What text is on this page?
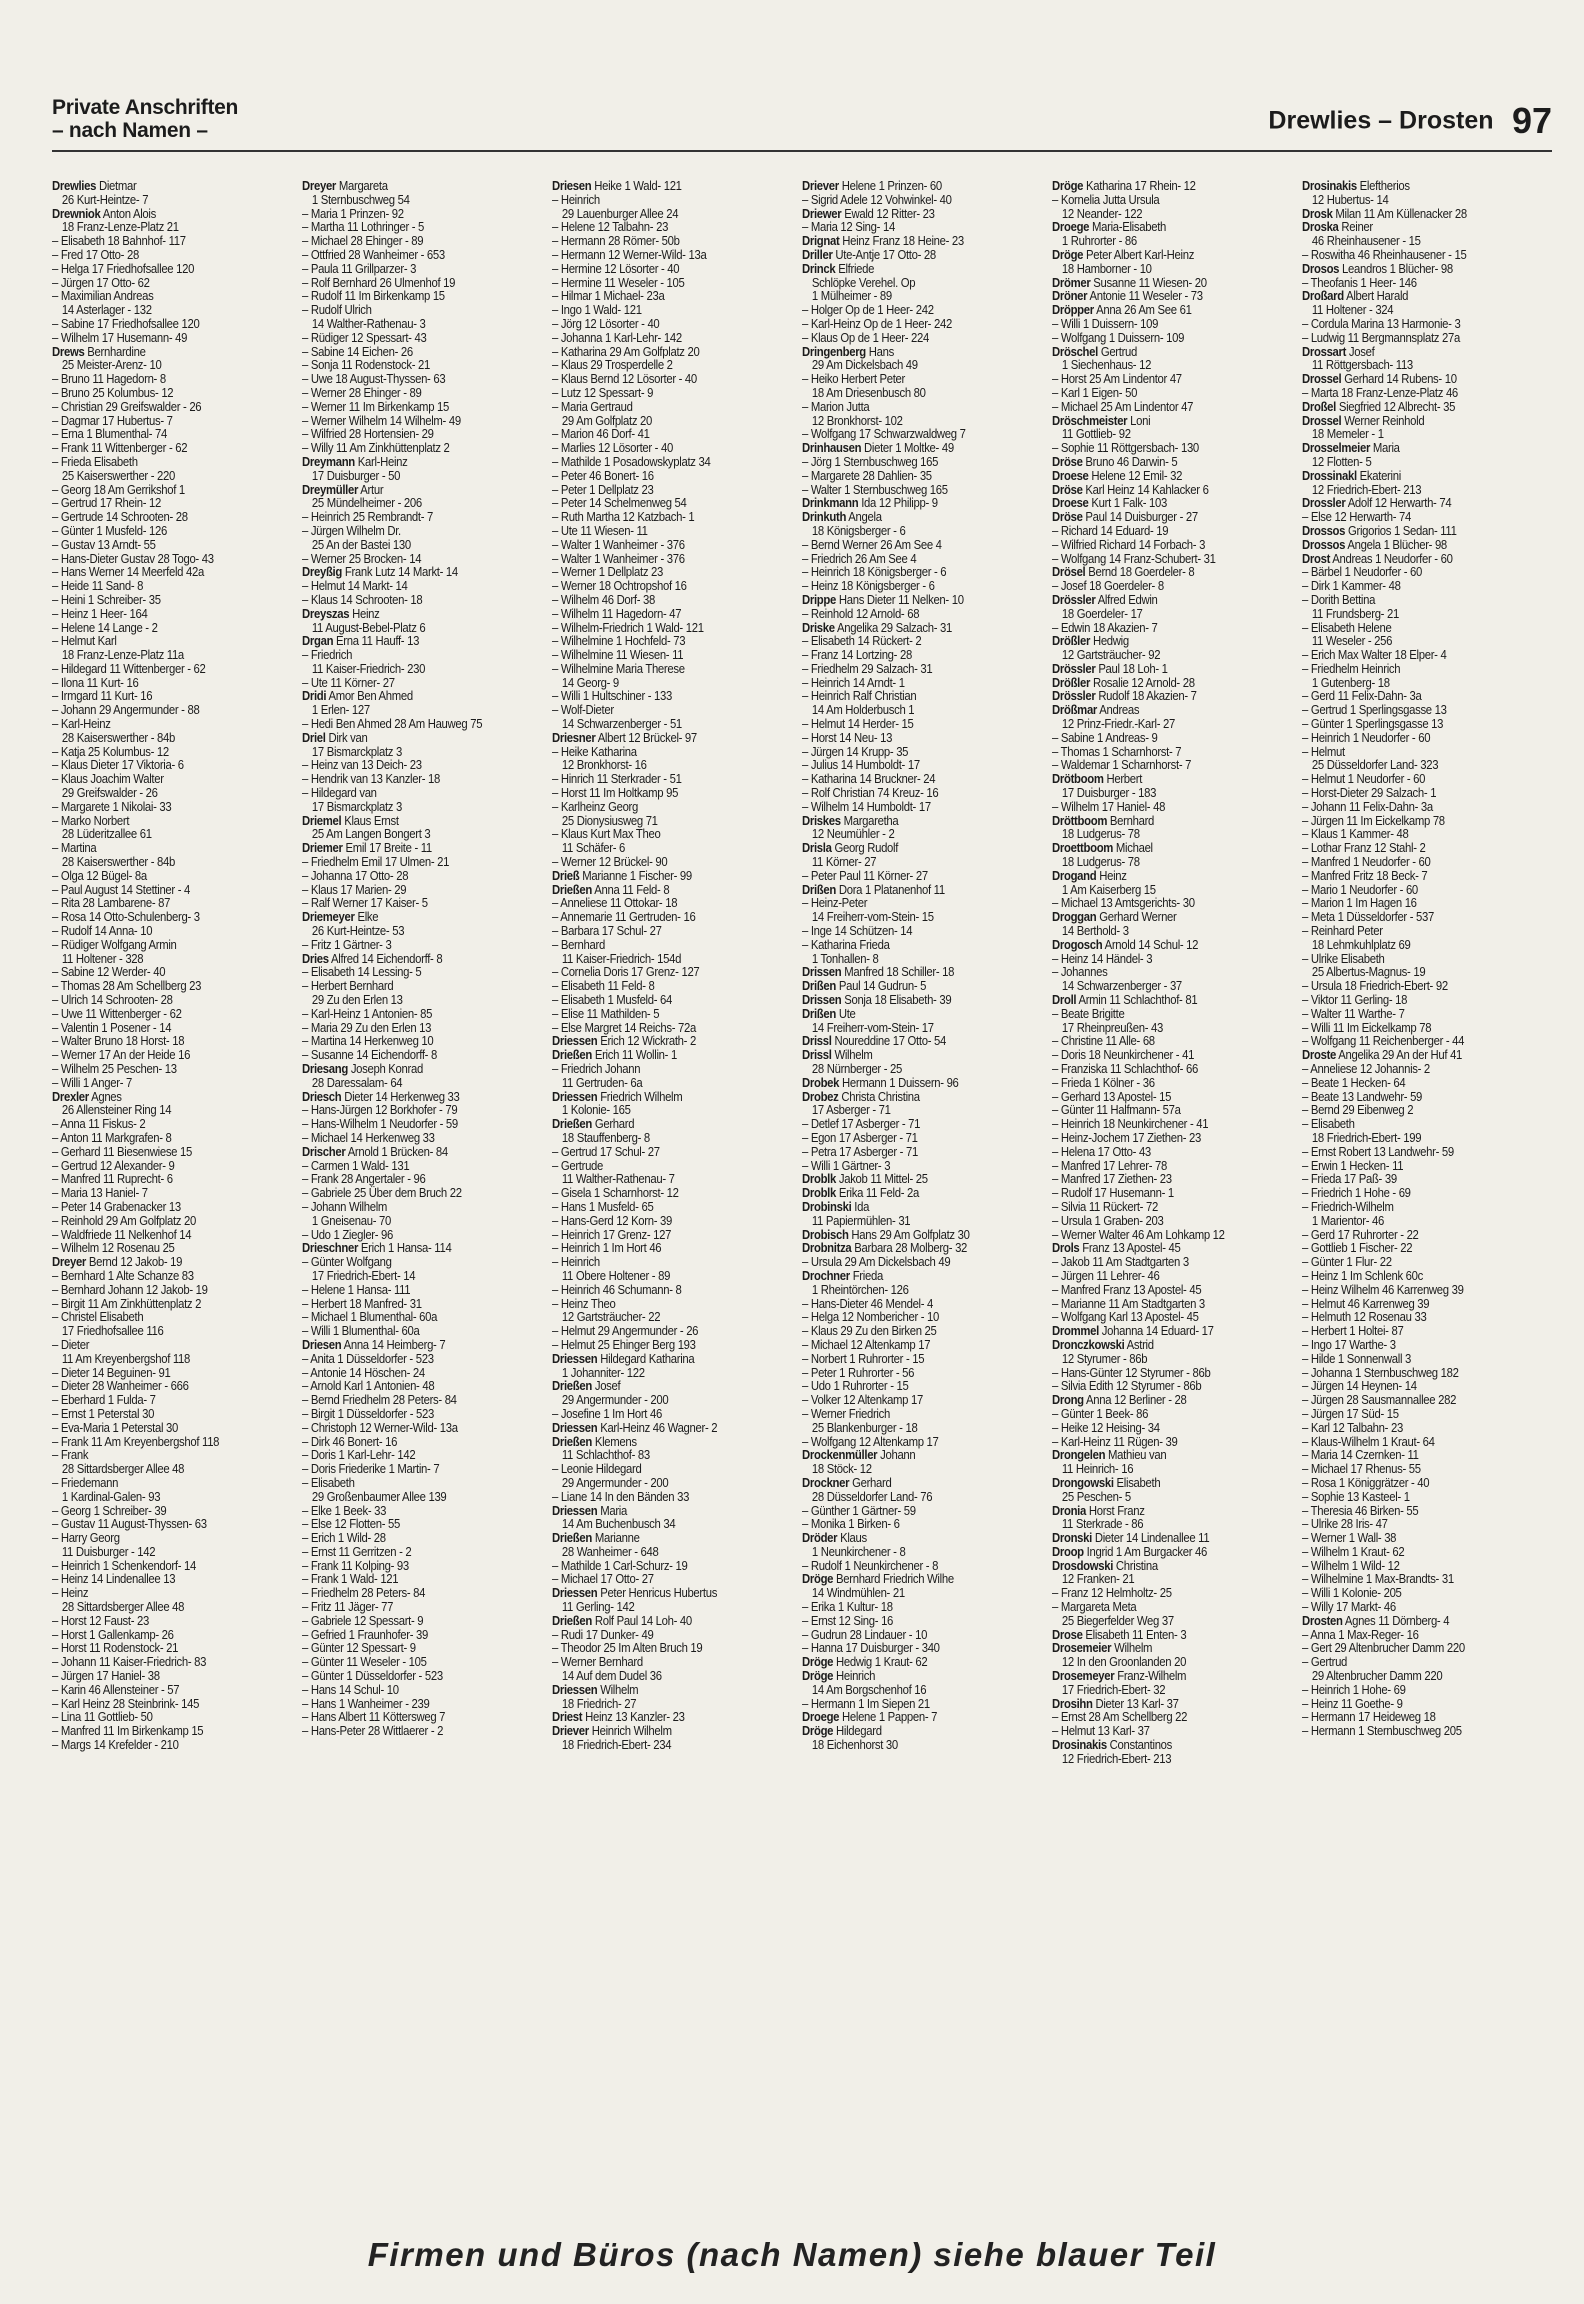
Private Anschriften
– nach Namen –	Drewlies – Drosten 97
Drewlies Dietmar
26 Kurt-Heintze- 7
Drewniok Anton Alois
18 Franz-Lenze-Platz 21
– Elisabeth 18 Bahnhof- 117
– Fred 17 Otto- 28
– Helga 17 Friedhofsallee 120
– Jürgen 17 Otto- 62
– Maximilian Andreas
14 Asterlager - 132
– Sabine 17 Friedhofsallee 120
– Wilhelm 17 Husemann- 49
Drews Bernhardine
25 Meister-Arenz- 10
– Bruno 11 Hagedorn- 8
– Bruno 25 Kolumbus- 12
– Christian 29 Greifswalder - 26
– Dagmar 17 Hubertus- 7
– Erna 1 Blumenthal- 74
– Frank 11 Wittenberger - 62
– Frieda Elisabeth
25 Kaiserswerther - 220
– Georg 18 Am Gerrikshof 1
– Gertrud 17 Rhein- 12
– Gertrude 14 Schrooten- 28
– Günter 1 Musfeld- 126
– Gustav 13 Arndt- 55
– Hans-Dieter Gustav 28 Togo- 43
– Hans Werner 14 Meerfeld 42a
– Heide 11 Sand- 8
– Heini 1 Schreiber- 35
– Heinz 1 Heer- 164
– Helene 14 Lange - 2
– Helmut Karl
18 Franz-Lenze-Platz 11a
– Hildegard 11 Wittenberger - 62
– Ilona 11 Kurt- 16
– Irmgard 11 Kurt- 16
– Johann 29 Angermunder - 88
– Karl-Heinz
28 Kaiserswerther - 84b
– Katja 25 Kolumbus- 12
– Klaus Dieter 17 Viktoria- 6
– Klaus Joachim Walter
29 Greifswalder - 26
– Margarete 1 Nikolai- 33
– Marko Norbert
28 Lüderitzallee 61
– Martina
28 Kaiserswerther - 84b
– Olga 12 Bügel- 8a
– Paul August 14 Stettiner - 4
– Rita 28 Lambarene- 87
– Rosa 14 Otto-Schulenberg- 3
– Rudolf 14 Anna- 10
– Rüdiger Wolfgang Armin
11 Holtener - 328
– Sabine 12 Werder- 40
– Thomas 28 Am Schellberg 23
– Ulrich 14 Schrooten- 28
– Uwe 11 Wittenberger - 62
– Valentin 1 Posener - 14
– Walter Bruno 18 Horst- 18
– Werner 17 An der Heide 16
– Wilhelm 25 Peschen- 13
– Willi 1 Anger- 7
Drexler Agnes
26 Allensteiner Ring 14
– Anna 11 Fiskus- 2
– Anton 11 Markgrafen- 8
– Gerhard 11 Biesenwiese 15
– Gertrud 12 Alexander- 9
– Manfred 11 Ruprecht- 6
– Maria 13 Haniel- 7
– Peter 14 Grabenacker 13
– Reinhold 29 Am Golfplatz 20
– Waldfriede 11 Nelkenhof 14
– Wilhelm 12 Rosenau 25
Dreyer Bernd 12 Jakob- 19
– Bernhard 1 Alte Schanze 83
– Bernhard Johann 12 Jakob- 19
– Birgit 11 Am Zinkhüttenplatz 2
– Christel Elisabeth
17 Friedhofsallee 116
– Dieter
11 Am Kreyenbergshof 118
– Dieter 14 Beguinen- 91
– Dieter 28 Wanheimer - 666
– Eberhard 1 Fulda- 7
– Ernst 1 Peterstal 30
– Eva-Maria 1 Peterstal 30
– Frank 11 Am Kreyenbergshof 118
– Frank
28 Sittardsberger Allee 48
– Friedemann
1 Kardinal-Galen- 93
– Georg 1 Schreiber- 39
– Gustav 11 August-Thyssen- 63
– Harry Georg
11 Duisburger - 142
– Heinrich 1 Schenkendorf- 14
– Heinz 14 Lindenallee 13
– Heinz
28 Sittardsberger Allee 48
– Horst 12 Faust- 23
– Horst 1 Gallenkamp- 26
– Horst 11 Rodenstock- 21
– Johann 11 Kaiser-Friedrich- 83
– Jürgen 17 Haniel- 38
– Karin 46 Allensteiner - 57
– Karl Heinz 28 Steinbrink- 145
– Lina 11 Gottlieb- 50
– Manfred 11 Im Birkenkamp 15
– Margs 14 Krefelder - 210
Dreyer Margareta
1 Sternbuschweg 54
– Maria 1 Prinzen- 92
– Martha 11 Lothringer - 5
– Michael 28 Ehinger - 89
– Ottfried 28 Wanheimer - 653
– Paula 11 Grillparzer- 3
– Rolf Bernhard 26 Ulmenhof 19
– Rudolf 11 Im Birkenkamp 15
– Rudolf Ulrich
14 Walther-Rathenau- 3
– Rüdiger 12 Spessart- 43
– Sabine 14 Eichen- 26
– Sonja 11 Rodenstock- 21
– Uwe 18 August-Thyssen- 63
– Werner 28 Ehinger - 89
– Werner 11 Im Birkenkamp 15
– Werner Wilhelm 14 Wilhelm- 49
– Wilfried 28 Hortensien- 29
– Willy 11 Am Zinkhüttenplatz 2
Dreymann Karl-Heinz
17 Duisburger - 50
Dreymüller Artur
25 Mündelheimer - 206
– Heinrich 25 Rembrandt- 7
– Jürgen Wilhelm Dr.
25 An der Bastei 130
– Werner 25 Brocken- 14
Dreyßig Frank Lutz 14 Markt- 14
– Helmut 14 Markt- 14
– Klaus 14 Schrooten- 18
Dreyszas Heinz
11 August-Bebel-Platz 6
Drgan Erna 11 Hauff- 13
– Friedrich
11 Kaiser-Friedrich- 230
– Ute 11 Körner- 27
Dridi Amor Ben Ahmed
1 Erlen- 127
– Hedi Ben Ahmed 28 Am Hauweg 75
Driel Dirk van
17 Bismarckplatz 3
– Heinz van 13 Deich- 23
– Hendrik van 13 Kanzler- 18
– Hildegard van
17 Bismarckplatz 3
Driemel Klaus Ernst
25 Am Langen Bongert 3
Driemer Emil 17 Breite - 11
– Friedhelm Emil 17 Ulmen- 21
– Johanna 17 Otto- 28
– Klaus 17 Marien- 29
– Ralf Werner 17 Kaiser- 5
Driemeyer Elke
26 Kurt-Heintze- 53
– Fritz 1 Gärtner- 3
Dries Alfred 14 Eichendorff- 8
– Elisabeth 14 Lessing- 5
– Herbert Bernhard
29 Zu den Erlen 13
– Karl-Heinz 1 Antonien- 85
– Maria 29 Zu den Erlen 13
– Martina 14 Herkenweg 10
– Susanne 14 Eichendorff- 8
Driesang Joseph Konrad
28 Daressalam- 64
Driesch Dieter 14 Herkenweg 33
– Hans-Jürgen 12 Borkhofer - 79
– Hans-Wilhelm 1 Neudorfer - 59
– Michael 14 Herkenweg 33
Drischer Arnold 1 Brücken- 84
– Carmen 1 Wald- 131
– Frank 28 Angertaler - 96
– Gabriele 25 Über dem Bruch 22
– Johann Wilhelm
1 Gneisenau- 70
– Udo 1 Ziegler- 96
Drieschner Erich 1 Hansa- 114
– Günter Wolfgang
17 Friedrich-Ebert- 14
– Helene 1 Hansa- 111
– Herbert 18 Manfred- 31
– Michael 1 Blumenthal- 60a
– Willi 1 Blumenthal- 60a
Driesen Anna 14 Heimberg- 7
– Anita 1 Düsseldorfer - 523
– Antonie 14 Höschen- 24
– Arnold Karl 1 Antonien- 48
– Bernd Friedhelm 28 Peters- 84
– Birgit 1 Düsseldorfer - 523
– Christoph 12 Werner-Wild- 13a
– Dirk 46 Bonert- 16
– Doris 1 Karl-Lehr- 142
– Doris Friederike 1 Martin- 7
– Elisabeth
29 Großenbaumer Allee 139
– Elke 1 Beek- 33
– Else 12 Flotten- 55
– Erich 1 Wild- 28
– Ernst 11 Gerritzen - 2
– Frank 11 Kolping- 93
– Frank 1 Wald- 121
– Friedhelm 28 Peters- 84
– Fritz 11 Jäger- 77
– Gabriele 12 Spessart- 9
– Gefried 1 Fraunhofer- 39
– Günter 12 Spessart- 9
– Günter 11 Weseler - 105
– Günter 1 Düsseldorfer - 523
– Hans 14 Schul- 10
– Hans 1 Wanheimer - 239
– Hans Albert 11 Köttersweg 7
– Hans-Peter 28 Wittlaerer - 2
Driesen Heike 1 Wald- 121
– Heinrich
29 Lauenburger Allee 24
– Helene 12 Talbahn- 23
– Hermann 28 Römer- 50b
– Hermann 12 Werner-Wild- 13a
– Hermine 12 Lösorter - 40
– Hermine 11 Weseler - 105
– Hilmar 1 Michael- 23a
– Ingo 1 Wald- 121
– Jörg 12 Lösorter - 40
– Johanna 1 Karl-Lehr- 142
– Katharina 29 Am Golfplatz 20
– Klaus 29 Trosperdelle 2
– Klaus Bernd 12 Lösorter - 40
– Lutz 12 Spessart- 9
– Maria Gertraud
29 Am Golfplatz 20
– Marion 46 Dorf- 41
– Marlies 12 Lösorter - 40
– Mathilde 1 Posadowskyplatz 34
– Peter 46 Bonert- 16
– Peter 1 Dellplatz 23
– Peter 14 Schelmenweg 54
– Ruth Martha 12 Katzbach- 1
– Ute 11 Wiesen- 11
– Walter 1 Wanheimer - 376
– Walter 1 Wanheimer - 376
– Werner 1 Dellplatz 23
– Werner 18 Ochtropshof 16
– Wilhelm 46 Dorf- 38
– Wilhelm 11 Hagedorn- 47
– Wilhelm-Friedrich 1 Wald- 121
– Wilhelmine 1 Hochfeld- 73
– Wilhelmine 11 Wiesen- 11
– Wilhelmine Maria Therese
14 Georg- 9
– Willi 1 Hultschiner - 133
– Wolf-Dieter
14 Schwarzenberger - 51
Driesner Albert 12 Brückel- 97
– Heike Katharina
12 Bronkhorst- 16
– Hinrich 11 Sterkrader - 51
– Horst 11 Im Holtkamp 95
– Karlheinz Georg
25 Dionysiusweg 71
– Klaus Kurt Max Theo
11 Schäfer- 6
– Werner 12 Brückel- 90
Drieß Marianne 1 Fischer- 99
Drießen Anna 11 Feld- 8
– Anneliese 11 Ottokar- 18
– Annemarie 11 Gertruden- 16
– Barbara 17 Schul- 27
– Bernhard
11 Kaiser-Friedrich- 154d
– Cornelia Doris 17 Grenz- 127
– Elisabeth 11 Feld- 8
– Elisabeth 1 Musfeld- 64
– Elise 11 Mathilden- 5
– Else Margret 14 Reichs- 72a
Driessen Erich 12 Wickrath- 2
Drießen Erich 11 Wollin- 1
– Friedrich Johann
11 Gertruden- 6a
Driessen Friedrich Wilhelm
1 Kolonie- 165
Drießen Gerhard
18 Stauffenberg- 8
– Gertrud 17 Schul- 27
– Gertrude
11 Walther-Rathenau- 7
– Gisela 1 Scharnhorst- 12
– Hans 1 Musfeld- 65
– Hans-Gerd 12 Korn- 39
– Heinrich 17 Grenz- 127
– Heinrich 1 Im Hort 46
– Heinrich
11 Obere Holtener - 89
– Heinrich 46 Schumann- 8
– Heinz Theo
12 Gartsträucher- 22
– Helmut 29 Angermunder - 26
– Helmut 25 Ehinger Berg 193
Driessen Hildegard Katharina
1 Johanniter- 122
Drießen Josef
29 Angermunder - 200
– Josefine 1 Im Hort 46
Driessen Karl-Heinz 46 Wagner- 2
Drießen Klemens
11 Schlachthof- 83
– Leonie Hildegard
29 Angermunder - 200
– Liane 14 In den Bänden 33
Driessen Maria
14 Am Buchenbusch 34
Drießen Marianne
28 Wanheimer - 648
– Mathilde 1 Carl-Schurz- 19
– Michael 17 Otto- 27
Driessen Peter Henricus Hubertus
11 Gerling- 142
Drießen Rolf Paul 14 Loh- 40
– Rudi 17 Dunker- 49
– Theodor 25 Im Alten Bruch 19
– Werner Bernhard
14 Auf dem Dudel 36
Driessen Wilhelm
18 Friedrich- 27
Driest Heinz 13 Kanzler- 23
Driever Heinrich Wilhelm
18 Friedrich-Ebert- 234
Driever Helene 1 Prinzen- 60
– Sigrid Adele 12 Vohwinkel- 40
Driewer Ewald 12 Ritter- 23
– Maria 12 Sing- 14
Drignat Heinz Franz 18 Heine- 23
Driller Ute-Antje 17 Otto- 28
Drinck Elfriede
Schlöpke Verehel. Op
1 Mülheimer - 89
– Holger Op de 1 Heer- 242
– Karl-Heinz Op de 1 Heer- 242
– Klaus Op de 1 Heer- 224
Dringenberg Hans
29 Am Dickelsbach 49
– Heiko Herbert Peter
18 Am Driesenbusch 80
– Marion Jutta
12 Bronkhorst- 102
– Wolfgang 17 Schwarzwaldweg 7
Drinhausen Dieter 1 Moltke- 49
– Jörg 1 Sternbuschweg 165
– Margarete 28 Dahlien- 35
– Walter 1 Sternbuschweg 165
Drinkmann Ida 12 Philipp- 9
Drinkuth Angela
18 Königsberger - 6
– Bernd Werner 26 Am See 4
– Friedrich 26 Am See 4
– Heinrich 18 Königsberger - 6
– Heinz 18 Königsberger - 6
Drippe Hans Dieter 11 Nelken- 10
– Reinhold 12 Arnold- 68
Driske Angelika 29 Salzach- 31
– Elisabeth 14 Rückert- 2
– Franz 14 Lortzing- 28
– Friedhelm 29 Salzach- 31
– Heinrich 14 Arndt- 1
– Heinrich Ralf Christian
14 Am Holderbusch 1
– Helmut 14 Herder- 15
– Horst 14 Neu- 13
– Jürgen 14 Krupp- 35
– Julius 14 Humboldt- 17
– Katharina 14 Bruckner- 24
– Rolf Christian 74 Kreuz- 16
– Wilhelm 14 Humboldt- 17
Driskes Margaretha
12 Neumühler - 2
Drisla Georg Rudolf
11 Körner- 27
– Peter Paul 11 Körner- 27
Drißen Dora 1 Platanenhof 11
– Heinz-Peter
14 Freiherr-vom-Stein- 15
– Inge 14 Schützen- 14
– Katharina Frieda
1 Tonhallen- 8
Drissen Manfred 18 Schiller- 18
Drißen Paul 14 Gudrun- 5
Drissen Sonja 18 Elisabeth- 39
Drißen Ute
14 Freiherr-vom-Stein- 17
Drissl Noureddine 17 Otto- 54
Drissl Wilhelm
28 Nürnberger - 25
Drobek Hermann 1 Duissern- 96
Drobez Christa Christina
17 Asberger - 71
– Detlef 17 Asberger - 71
– Egon 17 Asberger - 71
– Petra 17 Asberger - 71
– Willi 1 Gärtner- 3
Droblk Jakob 11 Mittel- 25
Droblk Erika 11 Feld- 2a
Drobinski Ida
11 Papiermühlen- 31
Drobisch Hans 29 Am Golfplatz 30
Drobnitza Barbara 28 Molberg- 32
– Ursula 29 Am Dickelsbach 49
Drochner Frieda
1 Rheintörchen- 126
– Hans-Dieter 46 Mendel- 4
– Helga 12 Nombericher - 10
– Klaus 29 Zu den Birken 25
– Michael 12 Altenkamp 17
– Norbert 1 Ruhrorter - 15
– Peter 1 Ruhrorter - 56
– Udo 1 Ruhrorter - 15
– Volker 12 Altenkamp 17
– Werner Friedrich
25 Blankenburger - 18
– Wolfgang 12 Altenkamp 17
Drockenmüller Johann
18 Stöck- 12
Drockner Gerhard
28 Düsseldorfer Land- 76
– Günther 1 Gärtner- 59
– Monika 1 Birken- 6
Dröder Klaus
1 Neunkirchener - 8
– Rudolf 1 Neunkirchener - 8
Dröge Bernhard Friedrich Wilhe
14 Windmühlen- 21
– Erika 1 Kultur- 18
– Ernst 12 Sing- 16
– Gudrun 28 Lindauer - 10
– Hanna 17 Duisburger - 340
Dröge Hedwig 1 Kraut- 62
Dröge Heinrich
14 Am Borgschenhof 16
– Hermann 1 Im Siepen 21
Droege Helene 1 Pappen- 7
Dröge Hildegard
18 Eichenhorst 30
Dröge Katharina 17 Rhein- 12
– Kornelia Jutta Ursula
12 Neander- 122
Droege Maria-Elisabeth
1 Ruhrorter - 86
Dröge Peter Albert Karl-Heinz
18 Hamborner - 10
Drömer Susanne 11 Wiesen- 20
Dröner Antonie 11 Weseler - 73
Dröpper Anna 26 Am See 61
– Willi 1 Duissern- 109
– Wolfgang 1 Duissern- 109
Dröschel Gertrud
1 Siechenhaus- 12
– Horst 25 Am Lindentor 47
– Karl 1 Eigen- 50
– Michael 25 Am Lindentor 47
Dröschmeister Loni
11 Gottlieb- 92
– Sophie 11 Röttgersbach- 130
Dröse Bruno 46 Darwin- 5
Droese Helene 12 Emil- 32
Dröse Karl Heinz 14 Kahlacker 6
Droese Kurt 1 Falk- 103
Dröse Paul 14 Duisburger - 27
– Richard 14 Eduard- 19
– Wilfried Richard 14 Forbach- 3
– Wolfgang 14 Franz-Schubert- 31
Drösel Bernd 18 Goerdeler- 8
– Josef 18 Goerdeler- 8
Drössler Alfred Edwin
18 Goerdeler- 17
– Edwin 18 Akazien- 7
Drößler Hedwig
12 Gartsträucher- 92
Drössler Paul 18 Loh- 1
Drößler Rosalie 12 Arnold- 28
Drössler Rudolf 18 Akazien- 7
Drößmar Andreas
12 Prinz-Friedr.-Karl- 27
– Sabine 1 Andreas- 9
– Thomas 1 Scharnhorst- 7
– Waldemar 1 Scharnhorst- 7
Drötboom Herbert
17 Duisburger - 183
– Wilhelm 17 Haniel- 48
Dröttboom Bernhard
18 Ludgerus- 78
Droettboom Michael
18 Ludgerus- 78
Drogand Heinz
1 Am Kaiserberg 15
– Michael 13 Amtsgerichts- 30
Droggan Gerhard Werner
14 Berthold- 3
Drogosch Arnold 14 Schul- 12
– Heinz 14 Händel- 3
– Johannes
14 Schwarzenberger - 37
Droll Armin 11 Schlachthof- 81
– Beate Brigitte
17 Rheinpreußen- 43
– Christine 11 Alle- 68
– Doris 18 Neunkirchener - 41
– Franziska 11 Schlachthof- 66
– Frieda 1 Kölner - 36
– Gerhard 13 Apostel- 15
– Günter 11 Halfmann- 57a
– Heinrich 18 Neunkirchener - 41
– Heinz-Jochem 17 Ziethen- 23
– Helena 17 Otto- 43
– Manfred 17 Lehrer- 78
– Manfred 17 Ziethen- 23
– Rudolf 17 Husemann- 1
– Silvia 11 Rückert- 72
– Ursula 1 Graben- 203
– Werner Walter 46 Am Lohkamp 12
Drols Franz 13 Apostel- 45
– Jakob 11 Am Stadtgarten 3
– Jürgen 11 Lehrer- 46
– Manfred Franz 13 Apostel- 45
– Marianne 11 Am Stadtgarten 3
– Wolfgang Karl 13 Apostel- 45
Drommel Johanna 14 Eduard- 17
Dronczkowski Astrid
12 Styrumer - 86b
– Hans-Günter 12 Styrumer - 86b
– Silvia Edith 12 Styrumer - 86b
Drong Anna 12 Berliner - 28
– Günter 1 Beek- 86
– Heike 12 Heising- 34
– Karl-Heinz 11 Rügen- 39
Drongelen Mathieu van
11 Heinrich- 16
Drongowski Elisabeth
25 Peschen- 5
Dronia Horst Franz
11 Sterkrade - 86
Dronski Dieter 14 Lindenallee 11
Droop Ingrid 1 Am Burgacker 46
Drosdowski Christina
12 Franken- 21
– Franz 12 Helmholtz- 25
– Margareta Meta
25 Biegerfelder Weg 37
Drose Elisabeth 11 Enten- 3
Drosemeier Wilhelm
12 In den Groonlanden 20
Drosemeyer Franz-Wilhelm
17 Friedrich-Ebert- 32
Drosihn Dieter 13 Karl- 37
– Ernst 28 Am Schellberg 22
– Helmut 13 Karl- 37
Drosinakis Constantinos
12 Friedrich-Ebert- 213
Drosinakis Eleftherios
12 Hubertus- 14
Drosk Milan 11 Am Küllenacker 28
Droska Reiner
46 Rheinhausener - 15
– Roswitha 46 Rheinhausener - 15
Drosos Leandros 1 Blücher- 98
– Theofanis 1 Heer- 146
Droßard Albert Harald
11 Holtener - 324
– Cordula Marina 13 Harmonie- 3
– Ludwig 11 Bergmannsplatz 27a
Drossart Josef
11 Röttgersbach- 113
Drossel Gerhard 14 Rubens- 10
– Marta 18 Franz-Lenze-Platz 46
Droßel Siegfried 12 Albrecht- 35
Drossel Werner Reinhold
18 Memeler - 1
Drosselmeier Maria
12 Flotten- 5
Drossinakl Ekaterini
12 Friedrich-Ebert- 213
Drossler Adolf 12 Herwarth- 74
– Else 12 Herwarth- 74
Drossos Grigorios 1 Sedan- 111
Drossos Angela 1 Blücher- 98
Drost Andreas 1 Neudorfer - 60
– Bärbel 1 Neudorfer - 60
– Dirk 1 Kammer- 48
– Dorith Bettina
11 Frundsberg- 21
– Elisabeth Helene
11 Weseler - 256
– Erich Max Walter 18 Elper- 4
– Friedhelm Heinrich
1 Gutenberg- 18
– Gerd 11 Felix-Dahn- 3a
– Gertrud 1 Sperlingsgasse 13
– Günter 1 Sperlingsgasse 13
– Heinrich 1 Neudorfer - 60
– Helmut
25 Düsseldorfer Land- 323
– Helmut 1 Neudorfer - 60
– Horst-Dieter 29 Salzach- 1
– Johann 11 Felix-Dahn- 3a
– Jürgen 11 Im Eickelkamp 78
– Klaus 1 Kammer- 48
– Lothar Franz 12 Stahl- 2
– Manfred 1 Neudorfer - 60
– Manfred Fritz 18 Beck- 7
– Mario 1 Neudorfer - 60
– Marion 1 Im Hagen 16
– Meta 1 Düsseldorfer - 537
– Reinhard Peter
18 Lehmkuhlplatz 69
– Ulrike Elisabeth
25 Albertus-Magnus- 19
– Ursula 18 Friedrich-Ebert- 92
– Viktor 11 Gerling- 18
– Walter 11 Warthe- 7
– Willi 11 Im Eickelkamp 78
– Wolfgang 11 Reichenberger - 44
Droste Angelika 29 An der Huf 41
– Anneliese 12 Johannis- 2
– Beate 1 Hecken- 64
– Beate 13 Landwehr- 59
– Bernd 29 Eibenweg 2
– Elisabeth
18 Friedrich-Ebert- 199
– Ernst Robert 13 Landwehr- 59
– Erwin 1 Hecken- 11
– Frieda 17 Paß- 39
– Friedrich 1 Hohe - 69
– Friedrich-Wilhelm
1 Marientor- 46
– Gerd 17 Ruhrorter - 22
– Gottlieb 1 Fischer- 22
– Günter 1 Flur- 22
– Heinz 1 Im Schlenk 60c
– Heinz Wilhelm 46 Karrenweg 39
– Helmut 46 Karrenweg 39
– Helmuth 12 Rosenau 33
– Herbert 1 Holtei- 87
– Ingo 17 Warthe- 3
– Hilde 1 Sonnenwall 3
– Johanna 1 Sternbuschweg 182
– Jürgen 14 Heynen- 14
– Jürgen 28 Sausmannallee 282
– Jürgen 17 Süd- 15
– Karl 12 Talbahn- 23
– Klaus-Wilhelm 1 Kraut- 64
– Maria 14 Czernken- 11
– Michael 17 Rhenus- 55
– Rosa 1 Königgrätzer - 40
– Sophie 13 Kasteel- 1
– Theresia 46 Birken- 55
– Ulrike 28 Iris- 47
– Werner 1 Wall- 38
– Wilhelm 1 Kraut- 62
– Wilhelm 1 Wild- 12
– Wilhelmine 1 Max-Brandts- 31
– Willi 1 Kolonie- 205
– Willy 17 Markt- 46
Drosten Agnes 11 Dörnberg- 4
– Anna 1 Max-Reger- 16
– Gert 29 Altenbrucher Damm 220
– Gertrud
29 Altenbrucher Damm 220
– Heinrich 1 Hohe- 69
– Heinz 11 Goethe- 9
– Hermann 17 Heideweg 18
– Hermann 1 Sternbuschweg 205
Firmen und Büros (nach Namen) siehe blauer Teil
